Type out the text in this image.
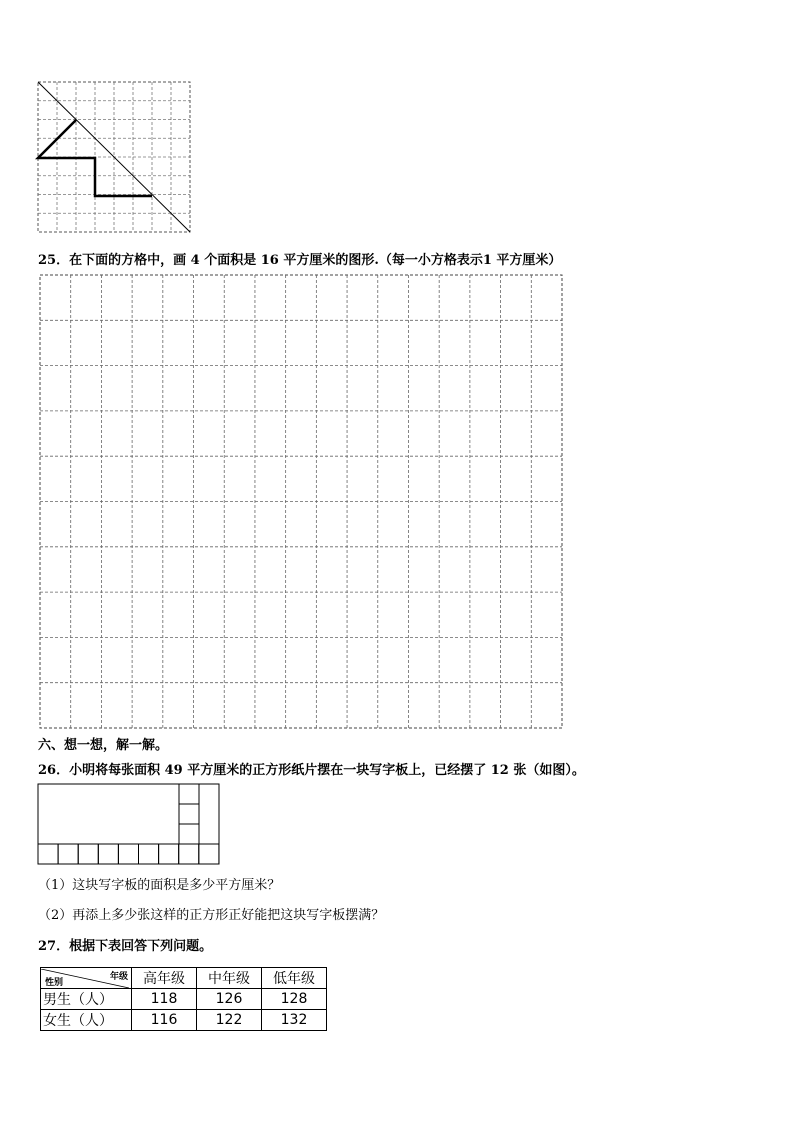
25．在下面的方格中，画 4 个面积是 16 平方厘米的图形.（每一小方格表示1 平方厘米）
六、想一想，解一解。
26．小明将每张面积 49 平方厘米的正方形纸片摆在一块写字板上，已经摆了 12 张（如图）。
（1）这块写字板的面积是多少平方厘米？
（2）再添上多少张这样的正方形正好能把这块写字板摆满？
27．根据下表回答下列问题。
年级
性别	高年级	中年级	低年级
男生（人）	118	126	128
女生（人）	116	122	132
